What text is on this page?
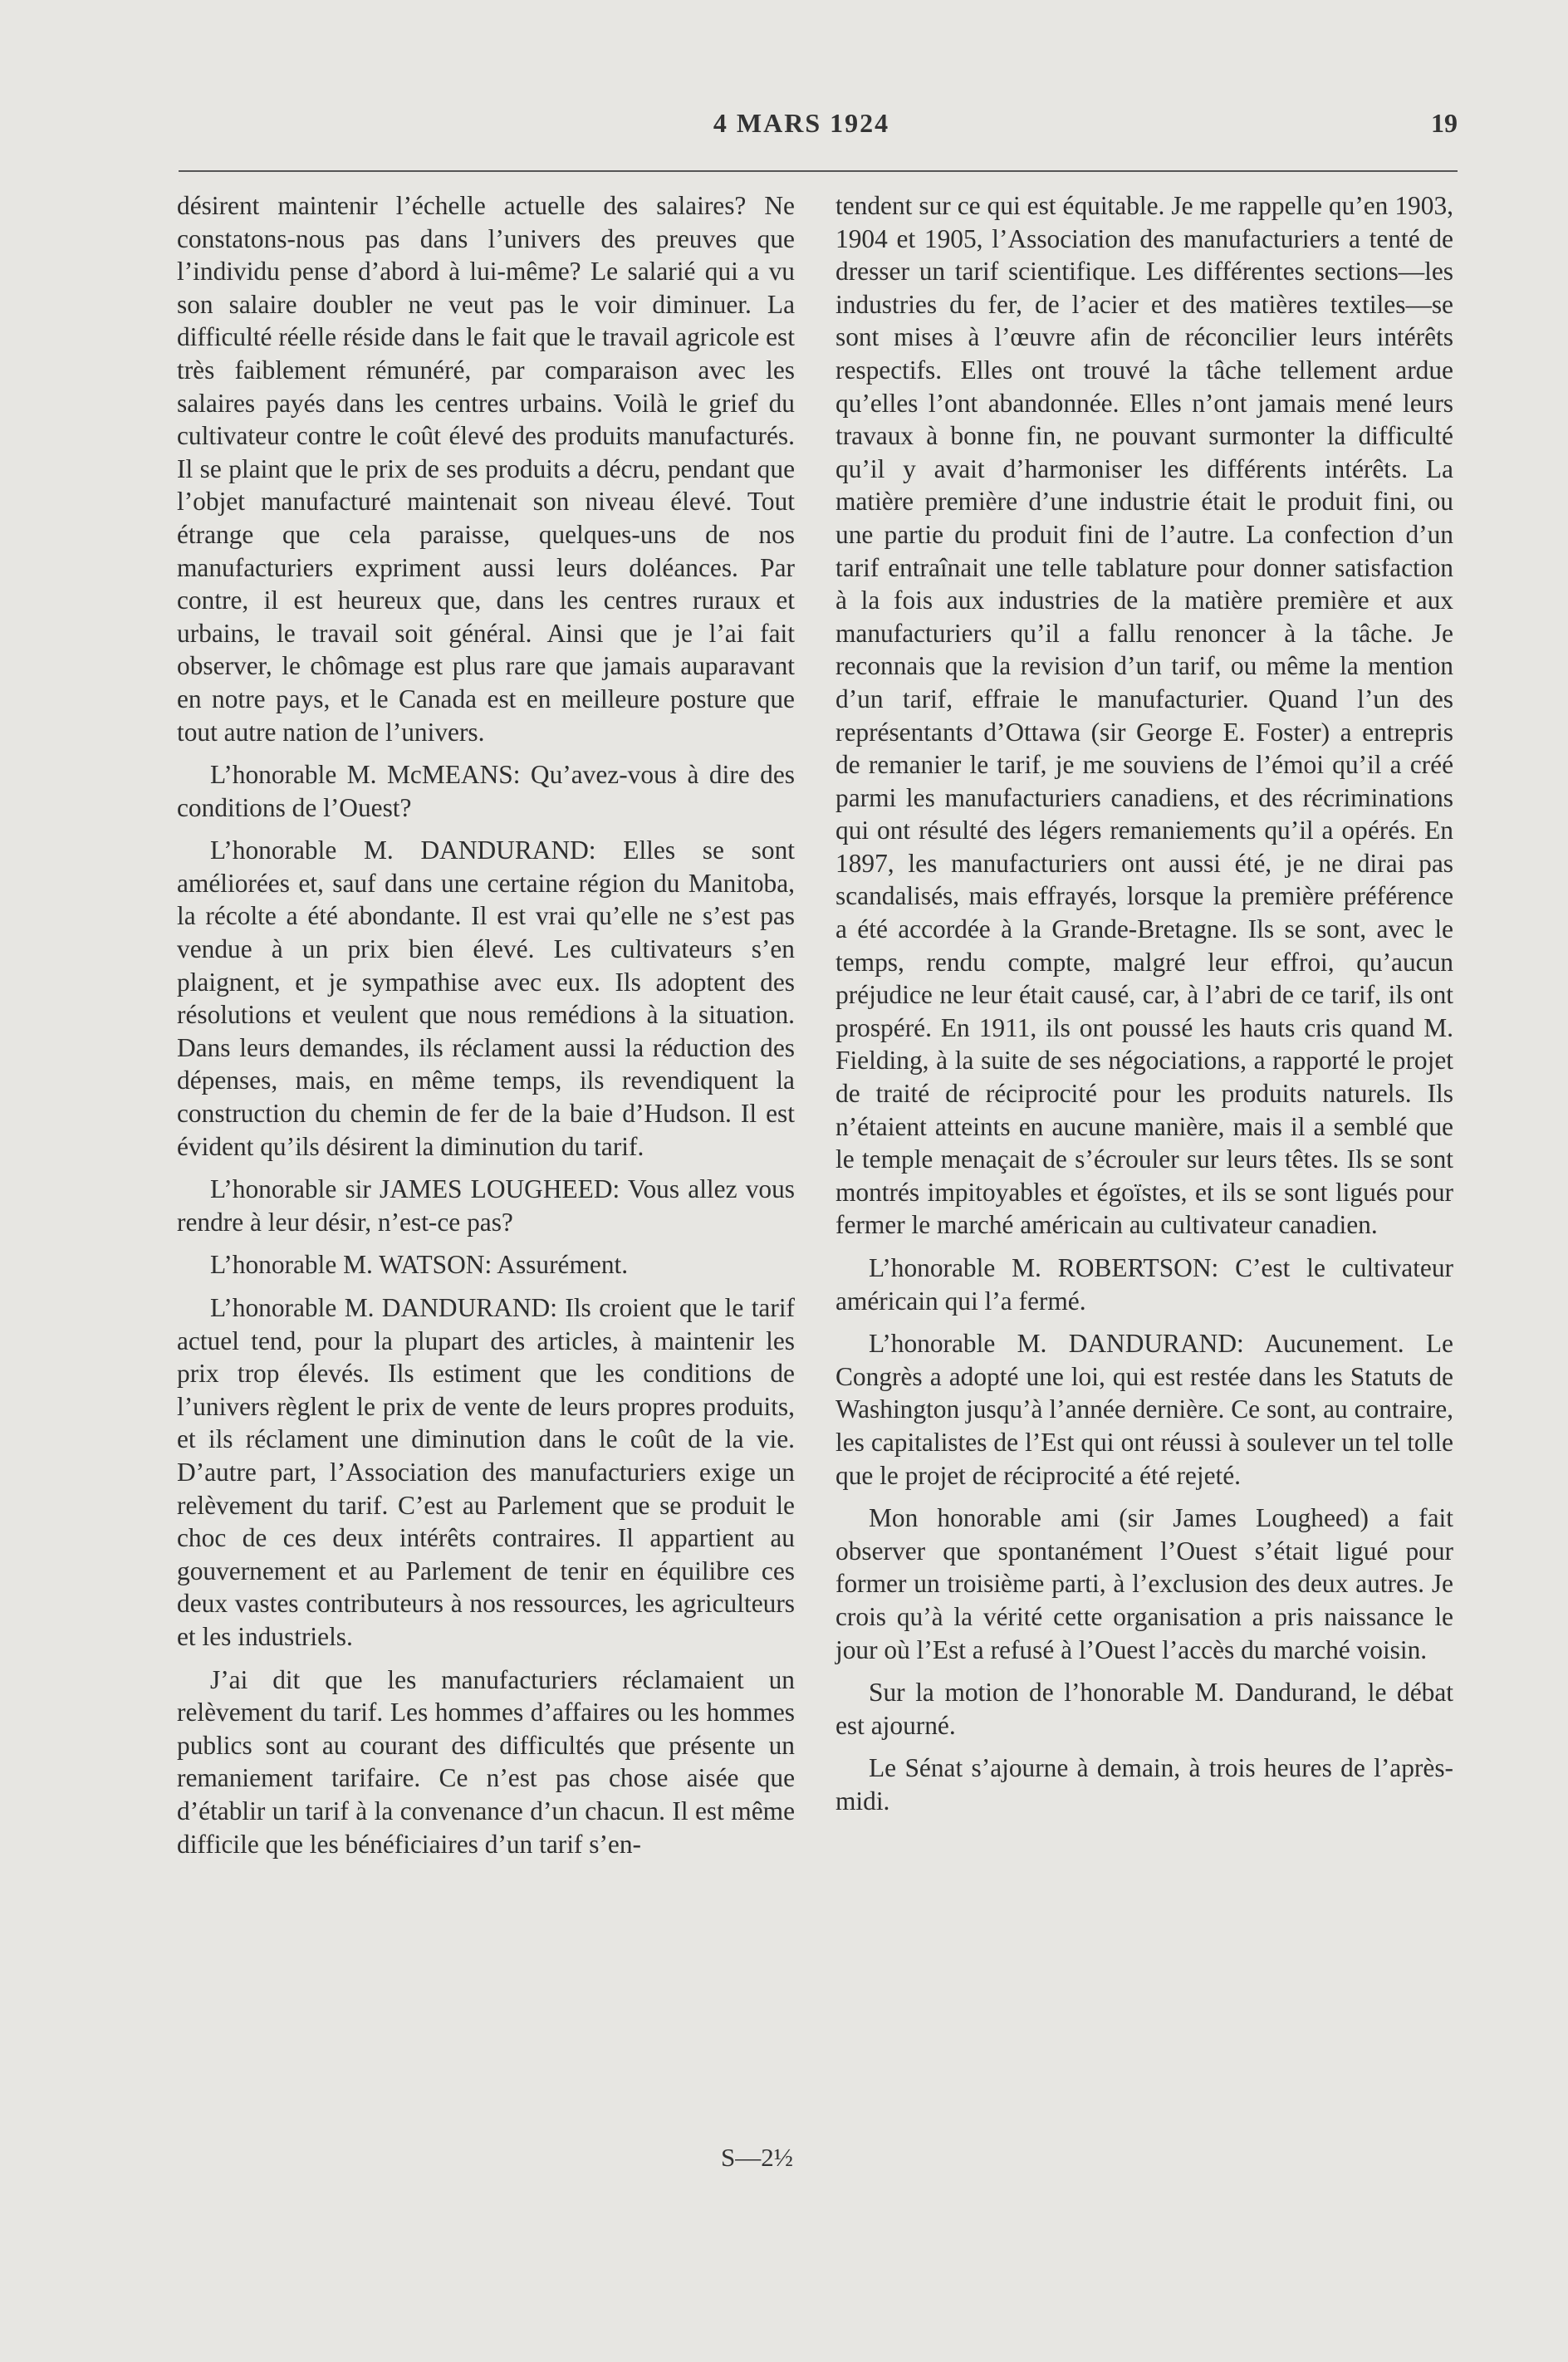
4 MARS 1924	19

désirent maintenir l’échelle actuelle des salaires? Ne constatons-nous pas dans l’univers des preuves que l’individu pense d’abord à lui-même? Le salarié qui a vu son salaire doubler ne veut pas le voir diminuer. La difficulté réelle réside dans le fait que le travail agricole est très faiblement rémunéré, par comparaison avec les salaires payés dans les centres urbains. Voilà le grief du cultivateur contre le coût élevé des produits manufacturés. Il se plaint que le prix de ses produits a décru, pendant que l’objet manufacturé maintenait son niveau élevé. Tout étrange que cela paraisse, quelques-uns de nos manufacturiers expriment aussi leurs doléances. Par contre, il est heureux que, dans les centres ruraux et urbains, le travail soit général. Ainsi que je l’ai fait observer, le chômage est plus rare que jamais auparavant en notre pays, et le Canada est en meilleure posture que tout autre nation de l’univers.

L’honorable M. McMEANS: Qu’avez-vous à dire des conditions de l’Ouest?

L’honorable M. DANDURAND: Elles se sont améliorées et, sauf dans une certaine région du Manitoba, la récolte a été abondante. Il est vrai qu’elle ne s’est pas vendue à un prix bien élevé. Les cultivateurs s’en plaignent, et je sympathise avec eux. Ils adoptent des résolutions et veulent que nous remédions à la situation. Dans leurs demandes, ils réclament aussi la réduction des dépenses, mais, en même temps, ils revendiquent la construction du chemin de fer de la baie d’Hudson. Il est évident qu’ils désirent la diminution du tarif.

L’honorable sir JAMES LOUGHEED: Vous allez vous rendre à leur désir, n’est-ce pas?

L’honorable M. WATSON: Assurément.

L’honorable M. DANDURAND: Ils croient que le tarif actuel tend, pour la plupart des articles, à maintenir les prix trop élevés. Ils estiment que les conditions de l’univers règlent le prix de vente de leurs propres produits, et ils réclament une diminution dans le coût de la vie. D’autre part, l’Association des manufacturiers exige un relèvement du tarif. C’est au Parlement que se produit le choc de ces deux intérêts contraires. Il appartient au gouvernement et au Parlement de tenir en équilibre ces deux vastes contributeurs à nos ressources, les agriculteurs et les industriels.

J’ai dit que les manufacturiers réclamaient un relèvement du tarif. Les hommes d’affaires ou les hommes publics sont au courant des difficultés que présente un remaniement tarifaire. Ce n’est pas chose aisée que d’établir un tarif à la convenance d’un chacun. Il est même difficile que les bénéficiaires d’un tarif s’en-

tendent sur ce qui est équitable. Je me rappelle qu’en 1903, 1904 et 1905, l’Association des manufacturiers a tenté de dresser un tarif scientifique. Les différentes sections—les industries du fer, de l’acier et des matières textiles—se sont mises à l’œuvre afin de réconcilier leurs intérêts respectifs. Elles ont trouvé la tâche tellement ardue qu’elles l’ont abandonnée. Elles n’ont jamais mené leurs travaux à bonne fin, ne pouvant surmonter la difficulté qu’il y avait d’harmoniser les différents intérêts. La matière première d’une industrie était le produit fini, ou une partie du produit fini de l’autre. La confection d’un tarif entraînait une telle tablature pour donner satisfaction à la fois aux industries de la matière première et aux manufacturiers qu’il a fallu renoncer à la tâche. Je reconnais que la revision d’un tarif, ou même la mention d’un tarif, effraie le manufacturier. Quand l’un des représentants d’Ottawa (sir George E. Foster) a entrepris de remanier le tarif, je me souviens de l’émoi qu’il a créé parmi les manufacturiers canadiens, et des récriminations qui ont résulté des légers remaniements qu’il a opérés. En 1897, les manufacturiers ont aussi été, je ne dirai pas scandalisés, mais effrayés, lorsque la première préférence a été accordée à la Grande-Bretagne. Ils se sont, avec le temps, rendu compte, malgré leur effroi, qu’aucun préjudice ne leur était causé, car, à l’abri de ce tarif, ils ont prospéré. En 1911, ils ont poussé les hauts cris quand M. Fielding, à la suite de ses négociations, a rapporté le projet de traité de réciprocité pour les produits naturels. Ils n’étaient atteints en aucune manière, mais il a semblé que le temple menaçait de s’écrouler sur leurs têtes. Ils se sont montrés impitoyables et égoïstes, et ils se sont ligués pour fermer le marché américain au cultivateur canadien.

L’honorable M. ROBERTSON: C’est le cultivateur américain qui l’a fermé.

L’honorable M. DANDURAND: Aucunement. Le Congrès a adopté une loi, qui est restée dans les Statuts de Washington jusqu’à l’année dernière. Ce sont, au contraire, les capitalistes de l’Est qui ont réussi à soulever un tel tolle que le projet de réciprocité a été rejeté.

Mon honorable ami (sir James Lougheed) a fait observer que spontanément l’Ouest s’était ligué pour former un troisième parti, à l’exclusion des deux autres. Je crois qu’à la vérité cette organisation a pris naissance le jour où l’Est a refusé à l’Ouest l’accès du marché voisin.

Sur la motion de l’honorable M. Dandurand, le débat est ajourné.

Le Sénat s’ajourne à demain, à trois heures de l’après-midi.

S—2½
